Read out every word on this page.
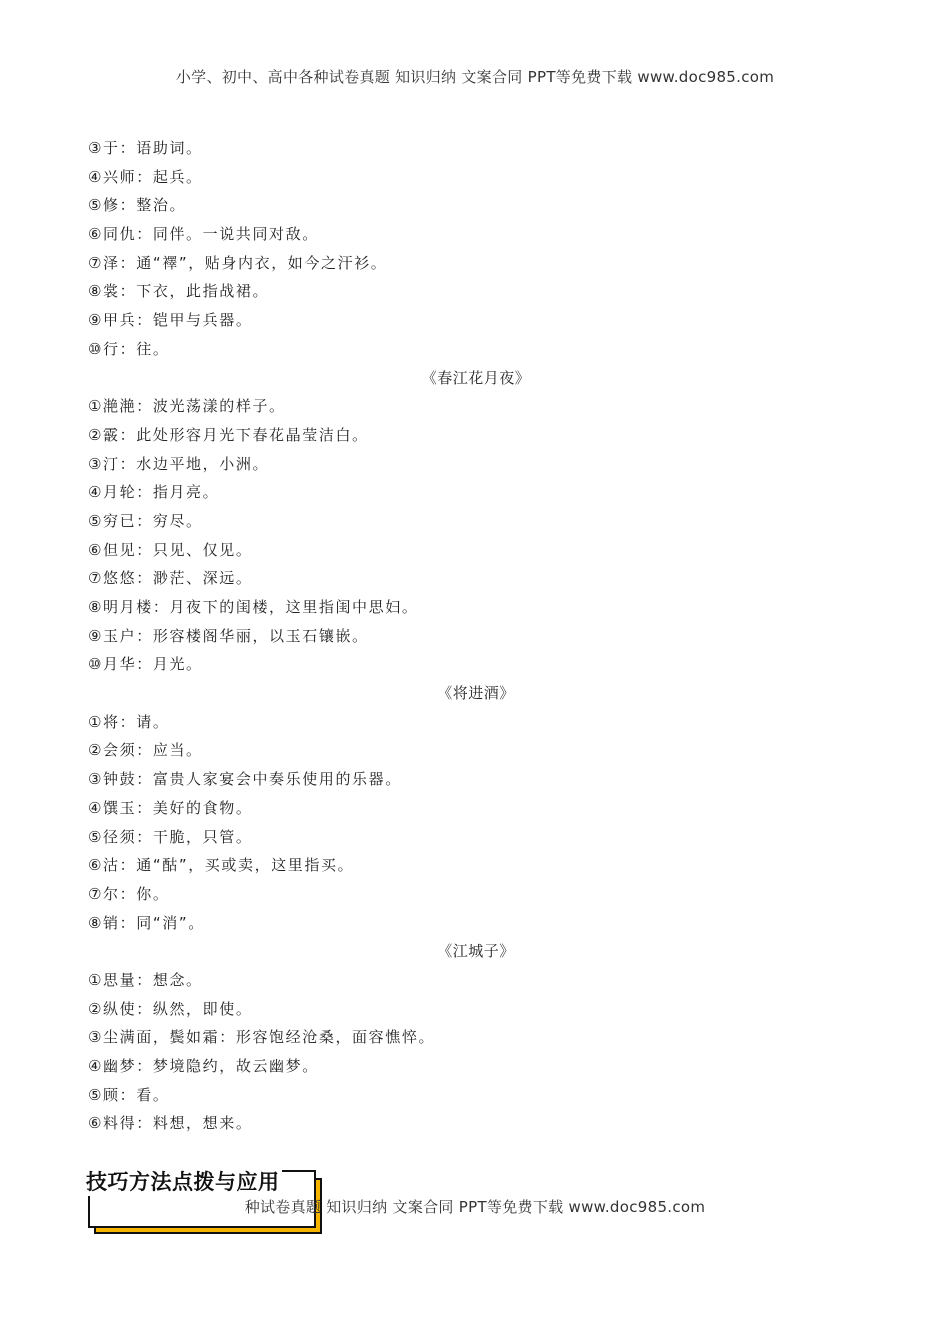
小学、初中、高中各种试卷真题 知识归纳 文案合同 PPT等免费下载 www.doc985.com
③于：语助词。
④兴师：起兵。
⑤修：整治。
⑥同仇：同伴。一说共同对敌。
⑦泽：通“襗”，贴身内衣，如今之汗衫。
⑧裳：下衣，此指战裙。
⑨甲兵：铠甲与兵器。
⑩行：往。
《春江花月夜》
①滟滟：波光荡漾的样子。
②霰：此处形容月光下春花晶莹洁白。
③汀：水边平地，小洲。
④月轮：指月亮。
⑤穷已：穷尽。
⑥但见：只见、仅见。
⑦悠悠：渺茫、深远。
⑧明月楼：月夜下的闺楼，这里指闺中思妇。
⑨玉户：形容楼阁华丽，以玉石镶嵌。
⑩月华：月光。
《将进酒》
①将：请。
②会须：应当。
③钟鼓：富贵人家宴会中奏乐使用的乐器。
④馔玉：美好的食物。
⑤径须：干脆，只管。
⑥沽：通“酤”，买或卖，这里指买。
⑦尔：你。
⑧销：同“消”。
《江城子》
①思量：想念。
②纵使：纵然，即使。
③尘满面，鬓如霜：形容饱经沧桑，面容憔悴。
④幽梦：梦境隐约，故云幽梦。
⑤顾：看。
⑥料得：料想，想来。
种试卷真题 知识归纳 文案合同 PPT等免费下载 www.doc985.com
技巧方法点拨与应用
